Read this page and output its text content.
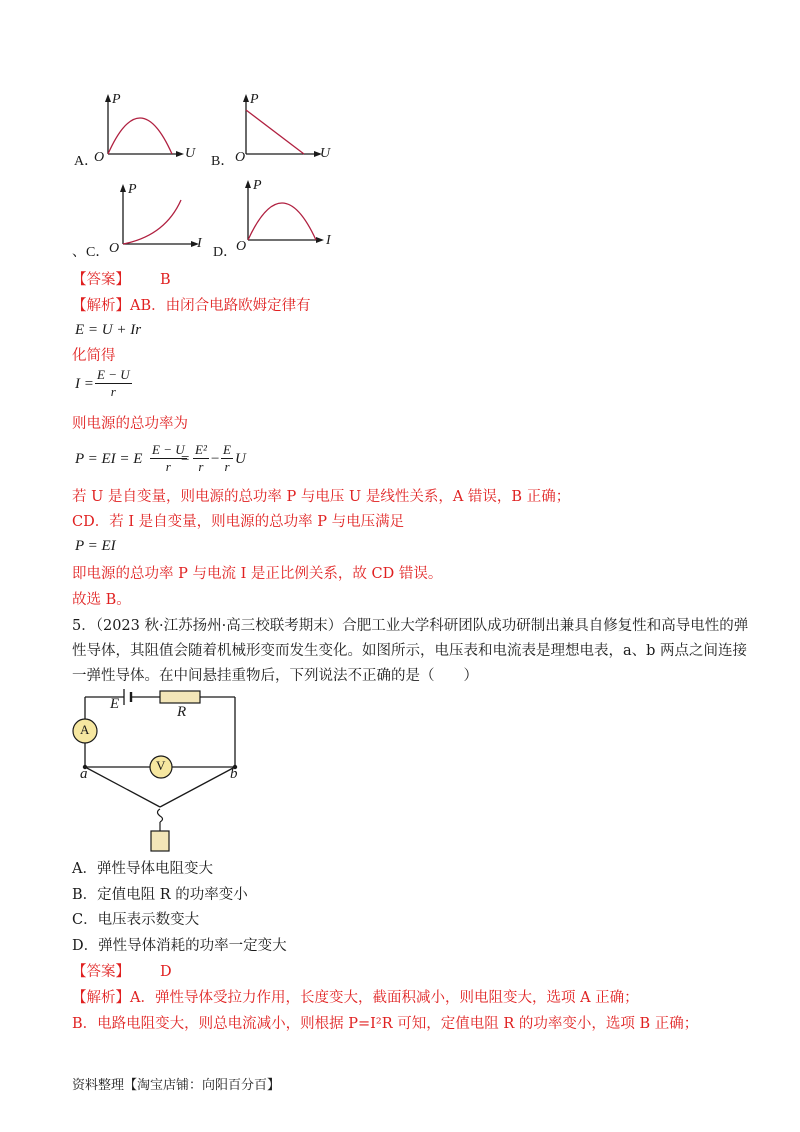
A．
P
U
O	B．
P
U
O
、C．
P
I
O	D．
P
I
O
【答案】 B
【解析】AB．由闭合电路欧姆定律有
E = U + Ir
化简得
$I = \frac{E - U}{r}$
则电源的总功率为
P = EI = E $\frac{E - U}{r}$
= $\frac{\text{E²}}{r} - \frac{E}{r}$ U
若 U 是自变量，则电源的总功率 P 与电压 U 是线性关系，A 错误，B 正确；
CD．若 I 是自变量，则电源的总功率 P 与电压满足
P = EI
即电源的总功率 P 与电流 I 是正比例关系，故 CD 错误。
故选 B。
5．（2023 秋·江苏扬州·高三校联考期末）合肥工业大学科研团队成功研制出兼具自修复性和高导电性的弹
性导体，其阻值会随着机械形变而发生变化。如图所示，电压表和电流表是理想电表，a、b 两点之间连接
一弹性导体。在中间悬挂重物后，下列说法不正确的是（　　）
E	R
A
V
a	b
A．弹性导体电阻变大
B．定值电阻 R 的功率变小
C．电压表示数变大
D．弹性导体消耗的功率一定变大
【答案】 D
【解析】A．弹性导体受拉力作用，长度变大，截面积减小，则电阻变大，选项 A 正确；
B．电路电阻变大，则总电流减小，则根据 P=I²R 可知，定值电阻 R 的功率变小，选项 B 正确；
资料整理【淘宝店铺：向阳百分百】
